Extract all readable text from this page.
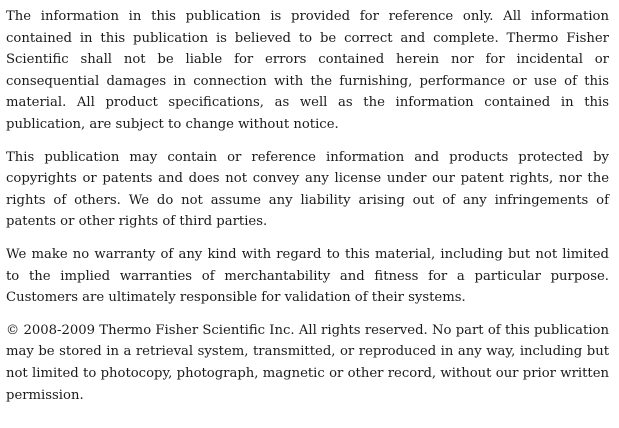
The information in this publication is provided for reference only. All information contained in this publication is believed to be correct and complete. Thermo Fisher Scientific shall not be liable for errors contained herein nor for incidental or consequential damages in connection with the furnishing, performance or use of this material. All product specifications, as well as the information contained in this publication, are subject to change without notice.

This publication may contain or reference information and products protected by copyrights or patents and does not convey any license under our patent rights, nor the rights of others. We do not assume any liability arising out of any infringements of patents or other rights of third parties.

We make no warranty of any kind with regard to this material, including but not limited to the implied warranties of merchantability and fitness for a particular purpose. Customers are ultimately responsible for validation of their systems.

© 2008-2009 Thermo Fisher Scientific Inc. All rights reserved. No part of this publication may be stored in a retrieval system, transmitted, or reproduced in any way, including but not limited to photocopy, photograph, magnetic or other record, without our prior written permission.
